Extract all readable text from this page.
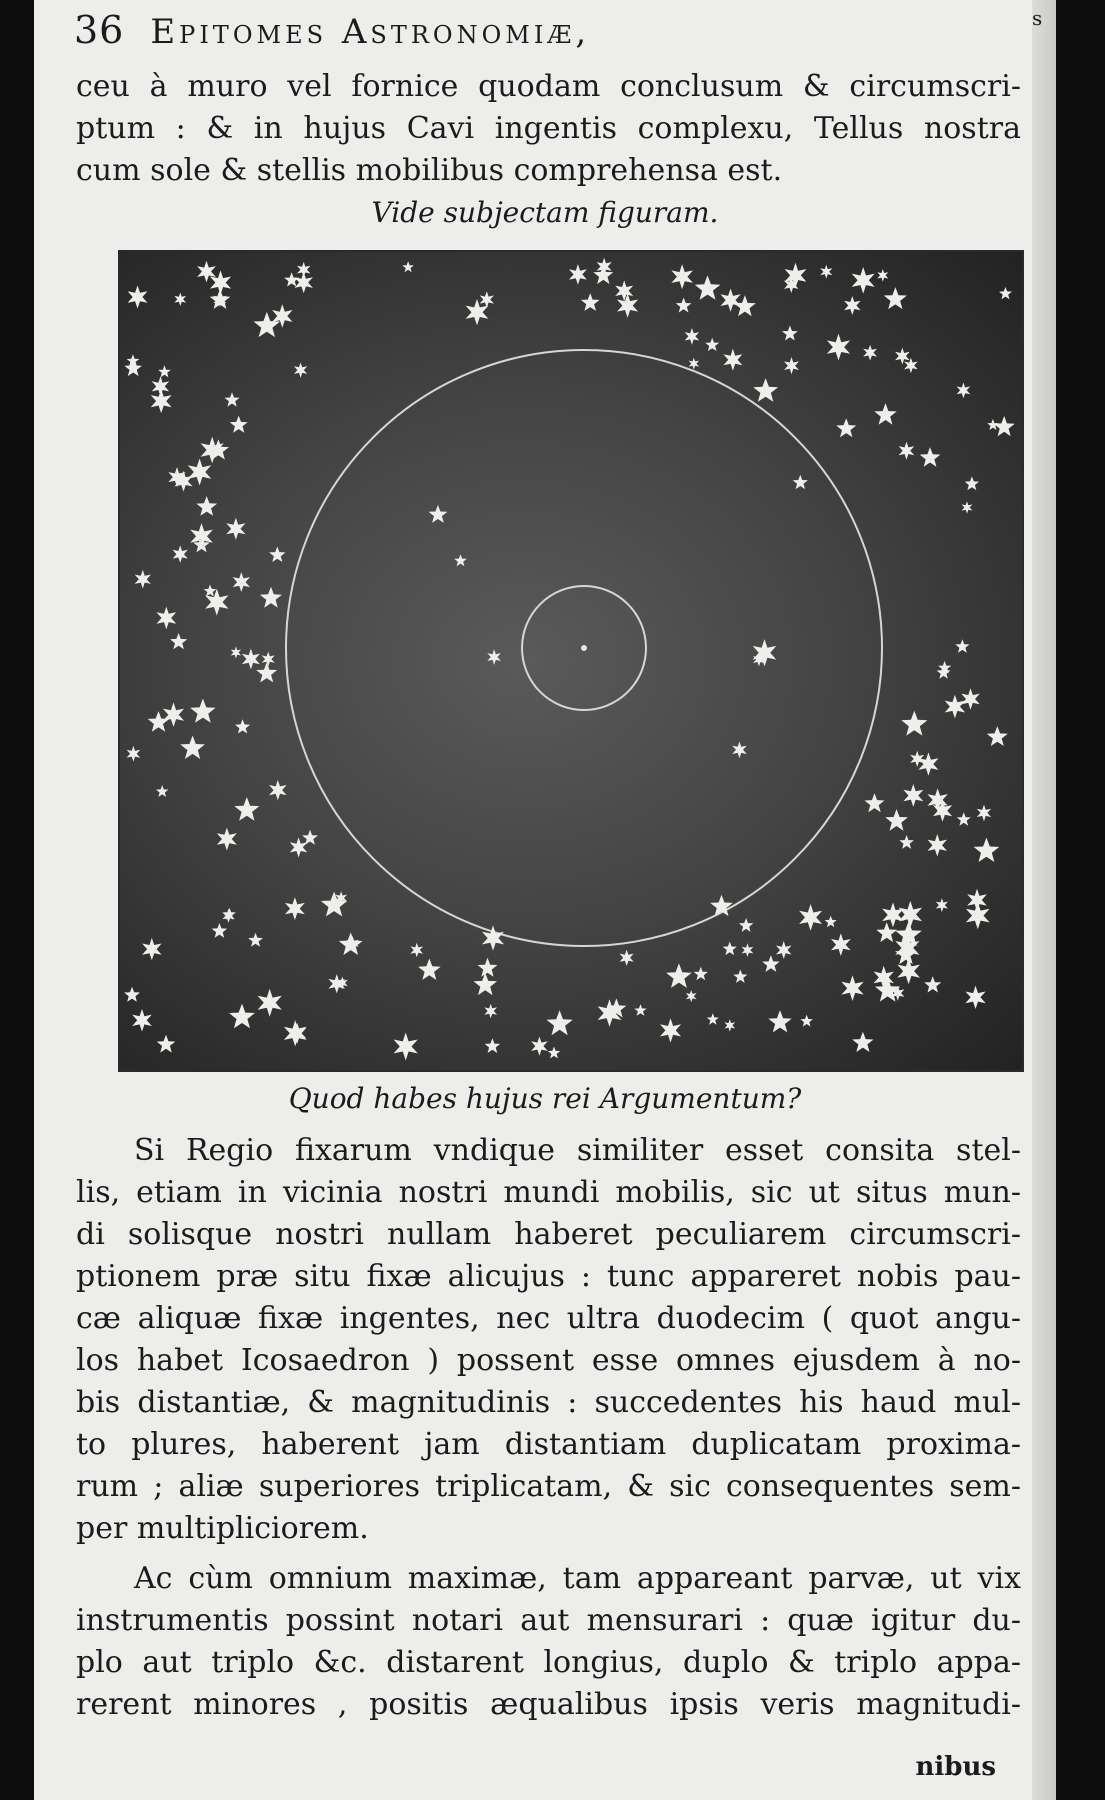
36 Epitomes Astronomiæ,	s
ceu à muro vel fornice quodam conclusum & circumscri-
ptum : & in hujus Cavi ingentis complexu, Tellus nostra
cum sole & stellis mobilibus comprehensa est.
Vide subjectam figuram.
Quod habes hujus rei Argumentum?
Si Regio fixarum vndique similiter esset consita stel-
lis, etiam in vicinia nostri mundi mobilis, sic ut situs mun-
di solisque nostri nullam haberet peculiarem circumscri-
ptionem præ situ fixæ alicujus : tunc appareret nobis pau-
cæ aliquæ fixæ ingentes, nec ultra duodecim ( quot angu-
los habet Icosaedron ) possent esse omnes ejusdem à no-
bis distantiæ, & magnitudinis : succedentes his haud mul-
to plures, haberent jam distantiam duplicatam proxima-
rum ; aliæ superiores triplicatam, & sic consequentes sem-
per multipliciorem.
Ac cùm omnium maximæ, tam appareant parvæ, ut vix
instrumentis possint notari aut mensurari : quæ igitur du-
plo aut triplo &c. distarent longius, duplo & triplo appa-
rerent minores , positis æqualibus ipsis veris magnitudi-
nibus
